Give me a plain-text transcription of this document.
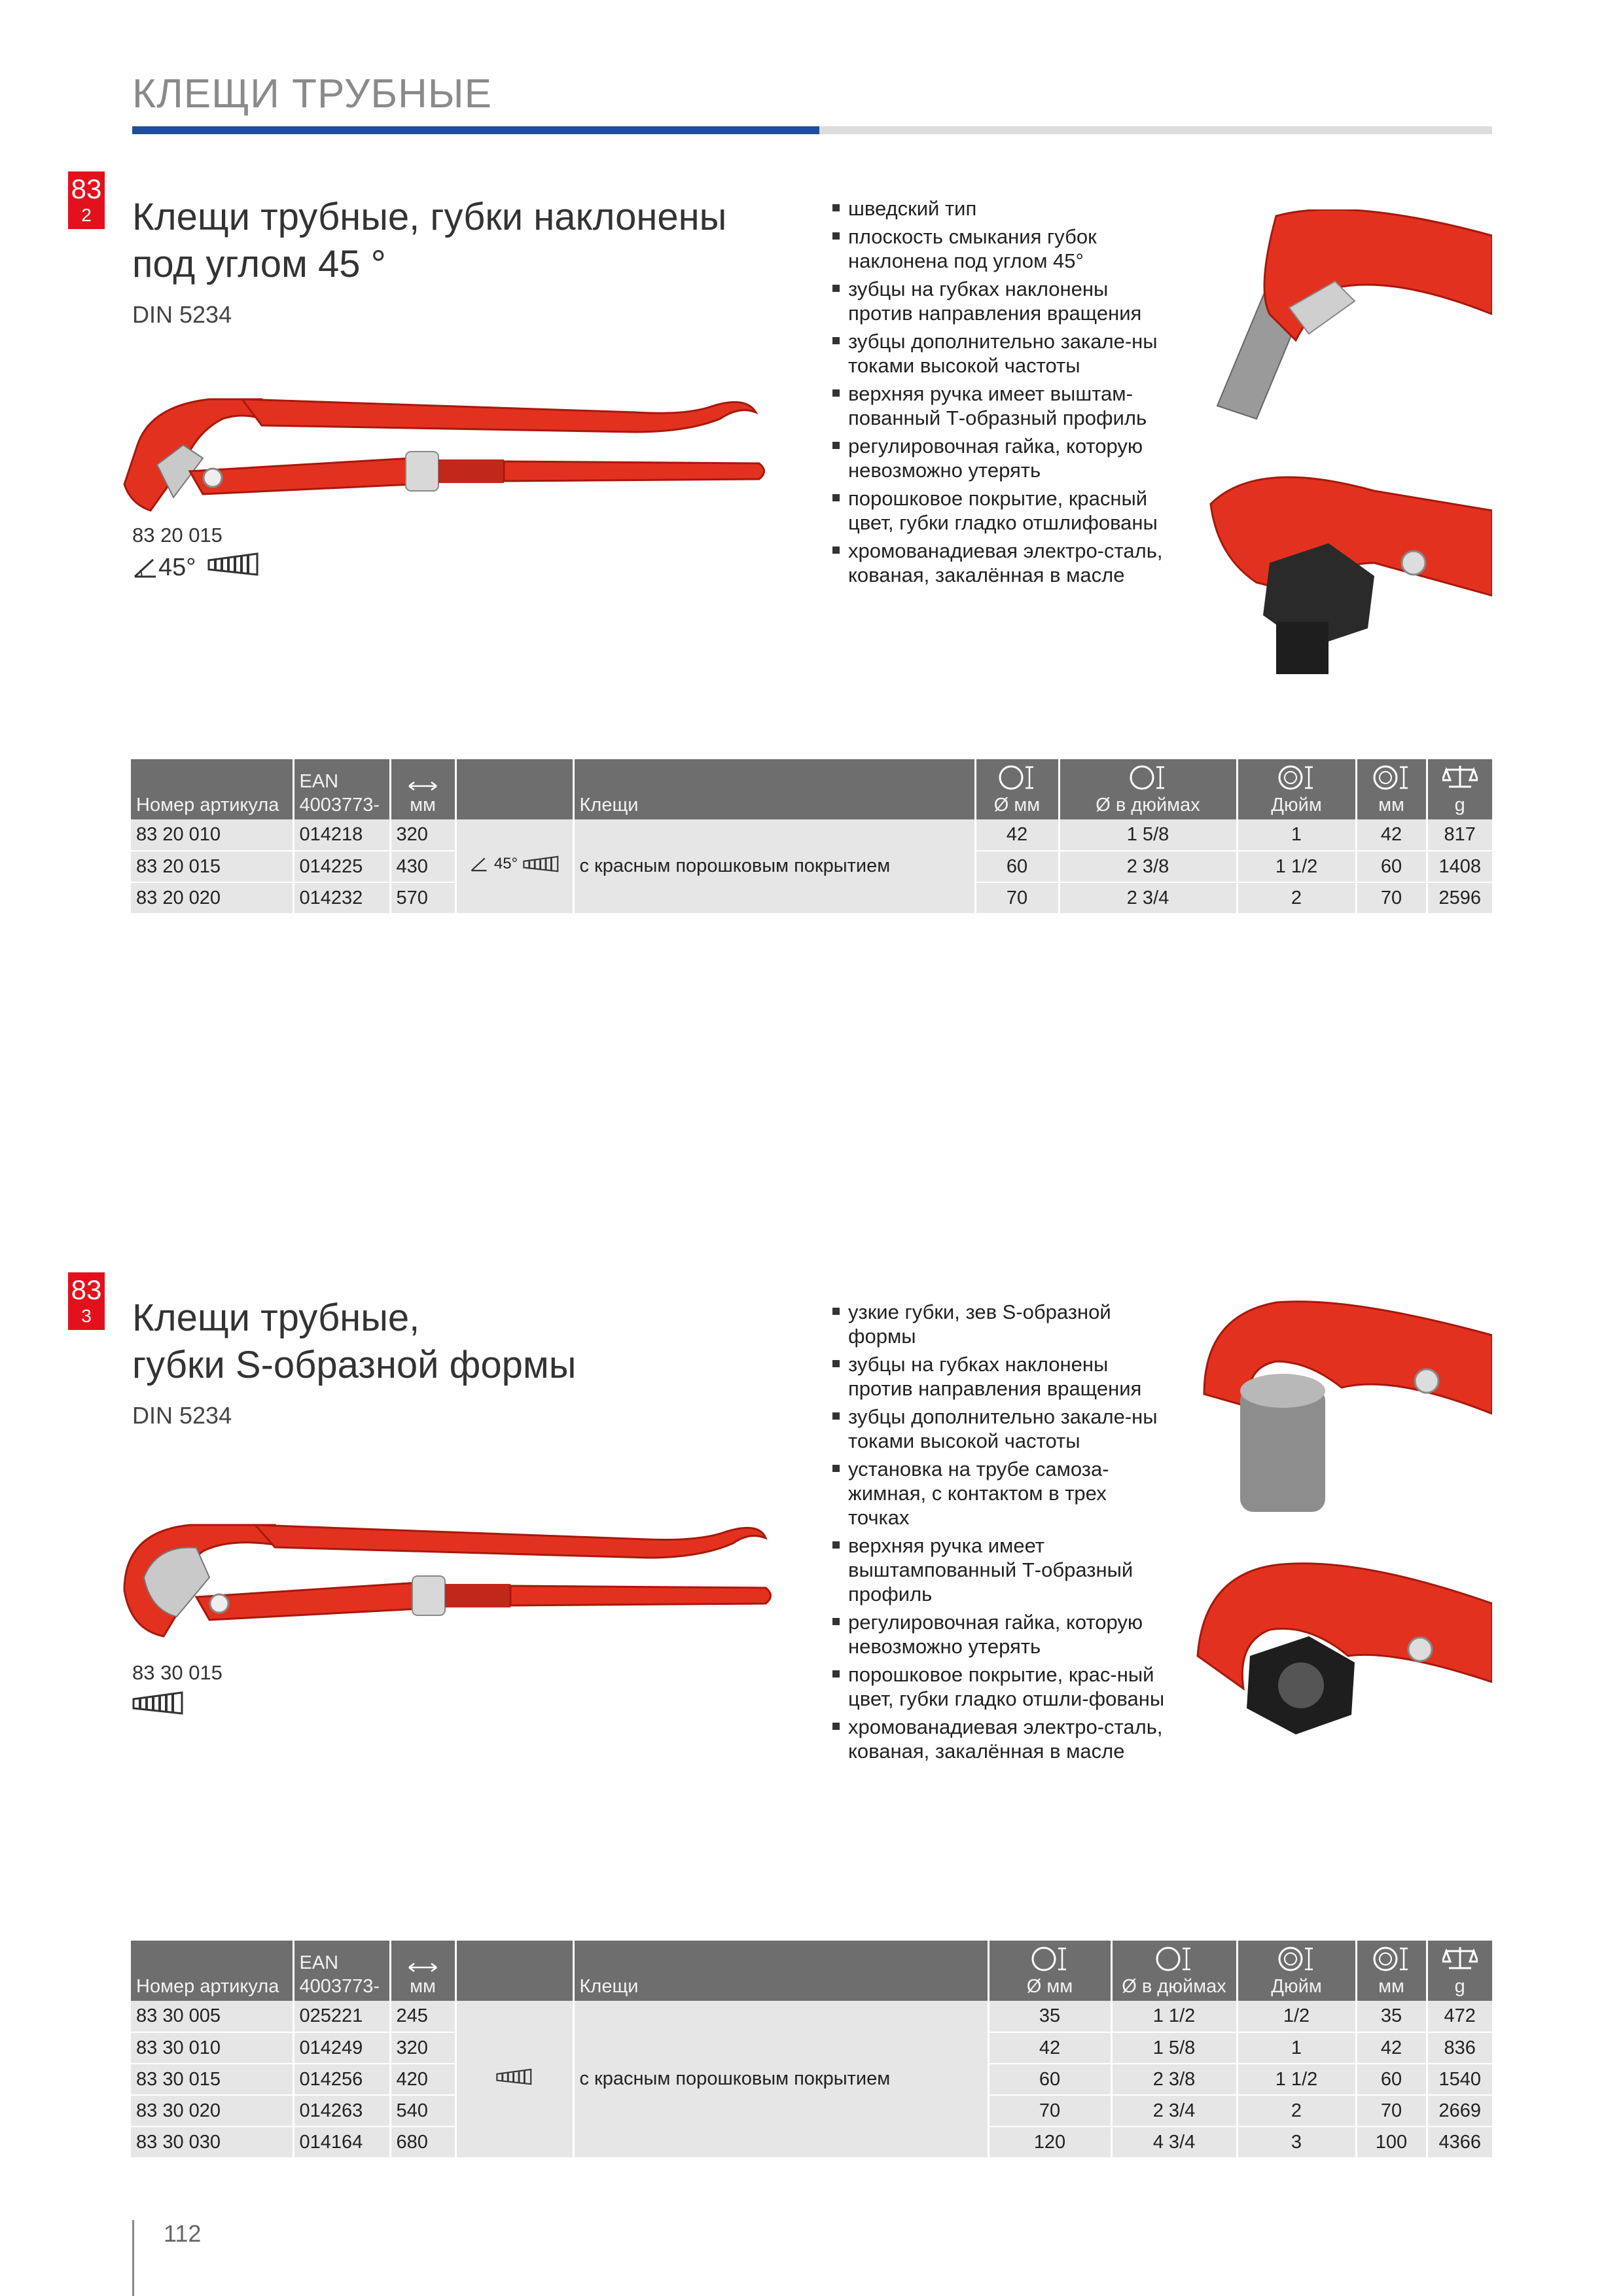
КЛЕЩИ ТРУБНЫЕ
83
2	Клещи трубные, губки наклонены
под углом 45 °
DIN 5234
83 20 015
45°
шведский тип
плоскость смыкания губок наклонена под углом 45°
зубцы на губках наклонены против направления вращения
зубцы дополнительно закале-ны токами высокой частоты
верхняя ручка имеет выштам-пованный Т-образный профиль
регулировочная гайка, которую невозможно утерять
порошковое покрытие, красный цвет, губки гладко отшлифованы
хромованадиевая электро-сталь, кованая, закалённая в масле
Номер артикула	EAN 4003773-	мм		Клещи	Ø мм	Ø в дюймах	Дюйм	мм	g
83 20 010	014218	320	45°	с красным порошковым покрытием	42	1 5/8	1	42	817
83 20 015	014225	430			60	2 3/8	1 1/2	60	1408
83 20 020	014232	570			70	2 3/4	2	70	2596
83
3	Клещи трубные,
губки S-образной формы
DIN 5234
83 30 015
узкие губки, зев S-образной формы
зубцы на губках наклонены против направления вращения
зубцы дополнительно закале-ны токами высокой частоты
установка на трубе самоза-жимная, с контактом в трех точках
верхняя ручка имеет выштампованный Т-образный профиль
регулировочная гайка, которую невозможно утерять
порошковое покрытие, крас-ный цвет, губки гладко отшли-фованы
хромованадиевая электро-сталь, кованая, закалённая в масле
Номер артикула	EAN 4003773-	мм		Клещи	Ø мм	Ø в дюймах	Дюйм	мм	g
83 30 005	025221	245		с красным порошковым покрытием	35	1 1/2	1/2	35	472
83 30 010	014249	320			42	1 5/8	1	42	836
83 30 015	014256	420			60	2 3/8	1 1/2	60	1540
83 30 020	014263	540			70	2 3/4	2	70	2669
83 30 030	014164	680			120	4 3/4	3	100	4366
112
